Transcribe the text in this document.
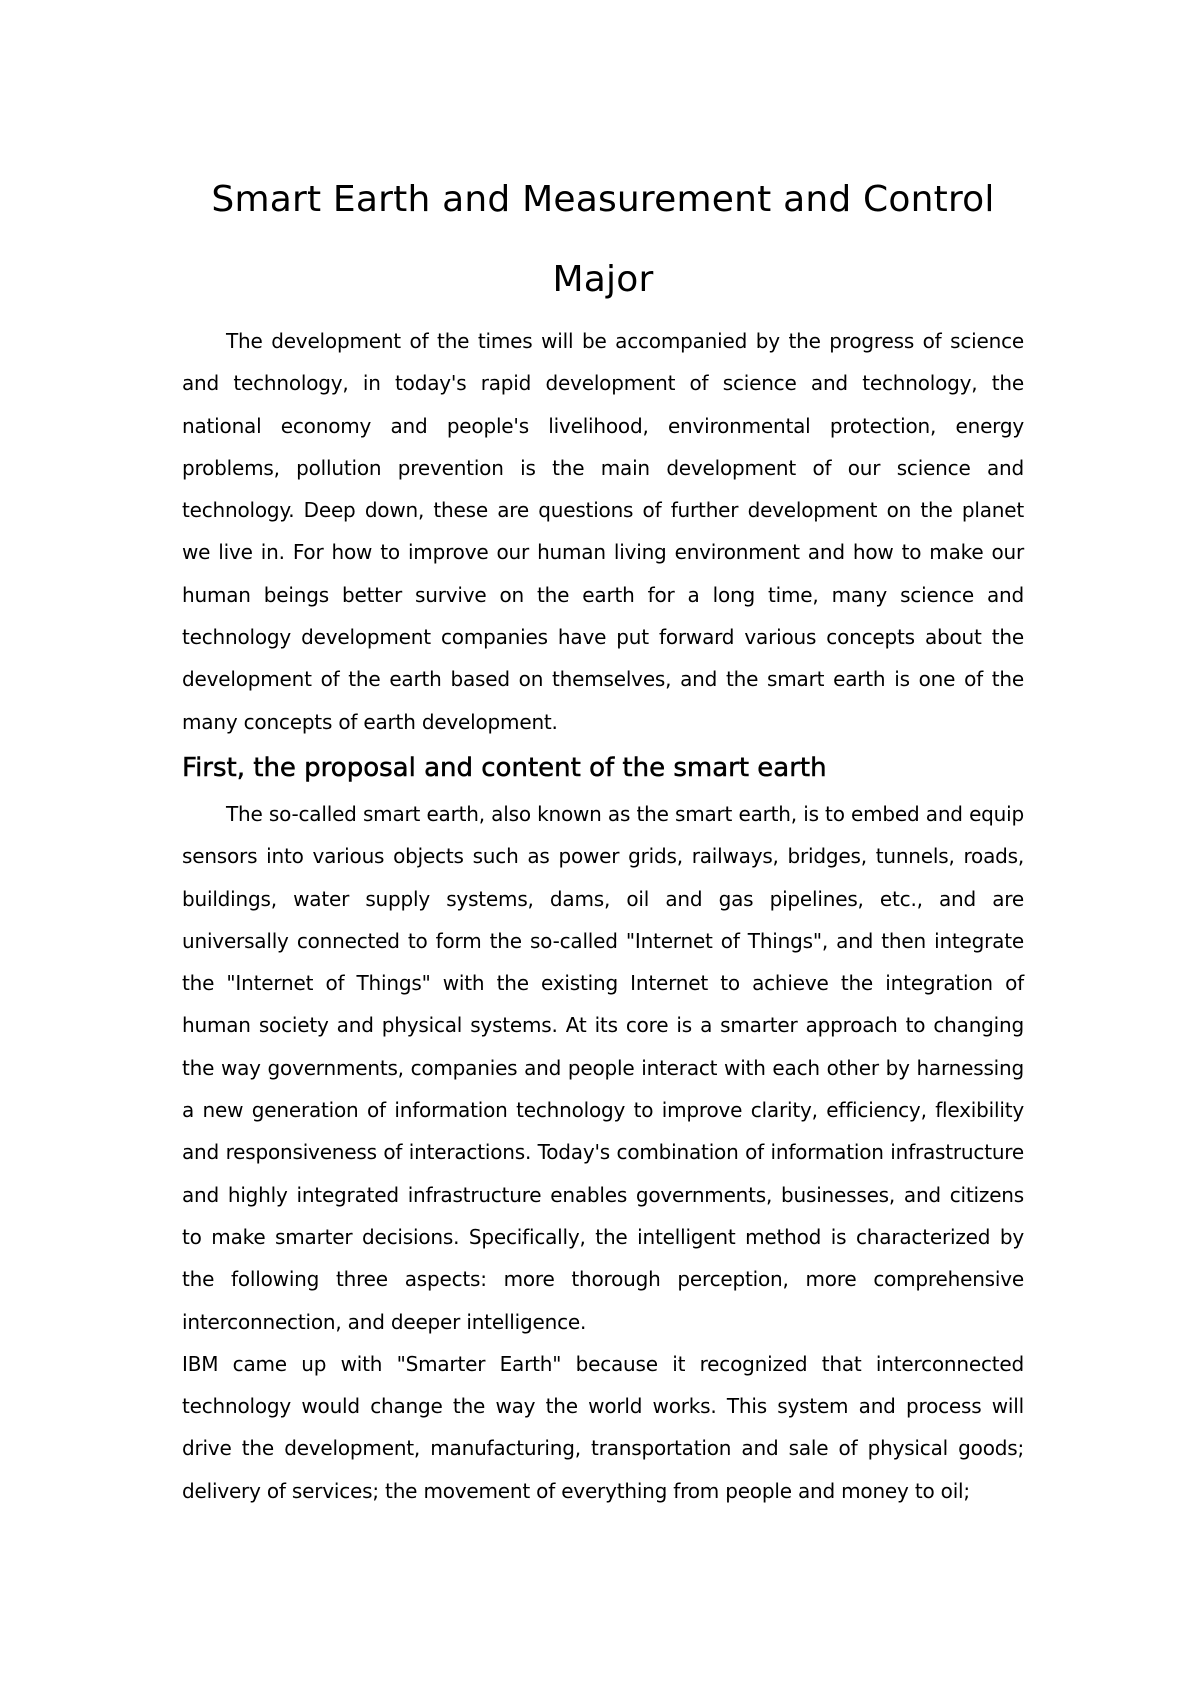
Smart Earth and Measurement and Control Major

The development of the times will be accompanied by the progress of science and technology, in today's rapid development of science and technology, the national economy and people's livelihood, environmental protection, energy problems, pollution prevention is the main development of our science and technology. Deep down, these are questions of further development on the planet we live in. For how to improve our human living environment and how to make our human beings better survive on the earth for a long time, many science and technology development companies have put forward various concepts about the development of the earth based on themselves, and the smart earth is one of the many concepts of earth development.

First, the proposal and content of the smart earth

The so-called smart earth, also known as the smart earth, is to embed and equip sensors into various objects such as power grids, railways, bridges, tunnels, roads, buildings, water supply systems, dams, oil and gas pipelines, etc., and are universally connected to form the so-called "Internet of Things", and then integrate the "Internet of Things" with the existing Internet to achieve the integration of human society and physical systems. At its core is a smarter approach to changing the way governments, companies and people interact with each other by harnessing a new generation of information technology to improve clarity, efficiency, flexibility and responsiveness of interactions. Today's combination of information infrastructure and highly integrated infrastructure enables governments, businesses, and citizens to make smarter decisions. Specifically, the intelligent method is characterized by the following three aspects: more thorough perception, more comprehensive interconnection, and deeper intelligence.

IBM came up with "Smarter Earth" because it recognized that interconnected technology would change the way the world works. This system and process will drive the development, manufacturing, transportation and sale of physical goods; delivery of services; the movement of everything from people and money to oil;
